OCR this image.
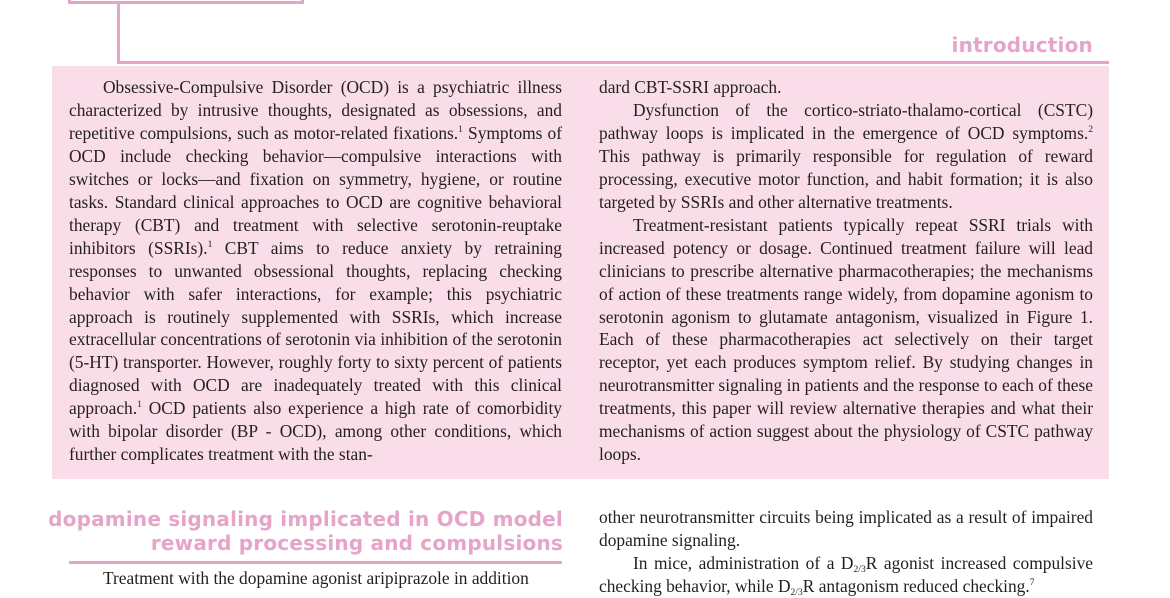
introduction

Obsessive-Compulsive Disorder (OCD) is a psychiatric illness characterized by intrusive thoughts, designated as obsessions, and repetitive compulsions, such as motor-related fixations.$^1$ Symptoms of OCD include checking behavior—compulsive interactions with switches or locks—and fixation on symmetry, hygiene, or routine tasks. Standard clinical approaches to OCD are cognitive behavioral therapy (CBT) and treatment with selective serotonin-reuptake inhibitors (SSRIs).$^1$ CBT aims to reduce anxiety by retraining responses to unwanted obsessional thoughts, replacing checking behavior with safer interactions, for example; this psychiatric approach is routinely supplemented with SSRIs, which increase extracellular concentrations of serotonin via inhibition of the serotonin (5-HT) transporter. However, roughly forty to sixty percent of patients diagnosed with OCD are inadequately treated with this clinical approach.$^1$ OCD patients also experience a high rate of comorbidity with bipolar disorder (BP - OCD), among other conditions, which further complicates treatment with the stan-

dard CBT-SSRI approach.

Dysfunction of the cortico-striato-thalamo-cortical (CSTC) pathway loops is implicated in the emergence of OCD symptoms.$^2$ This pathway is primarily responsible for regulation of reward processing, executive motor function, and habit formation; it is also targeted by SSRIs and other alternative treatments.

Treatment-resistant patients typically repeat SSRI trials with increased potency or dosage. Continued treatment failure will lead clinicians to prescribe alternative pharmacotherapies; the mechanisms of action of these treatments range widely, from dopamine agonism to serotonin agonism to glutamate antagonism, visualized in Figure 1. Each of these pharmacotherapies act selectively on their target receptor, yet each produces symptom relief. By studying changes in neurotransmitter signaling in patients and the response to each of these treatments, this paper will review alternative therapies and what their mechanisms of action suggest about the physiology of CSTC pathway loops.

dopamine signaling implicated in OCD model
reward processing and compulsions

Treatment with the dopamine agonist aripiprazole in addition

other neurotransmitter circuits being implicated as a result of impaired dopamine signaling.

In mice, administration of a $D_{2/3}R$ agonist increased compulsive checking behavior, while $D_{2/3}R$ antagonism reduced checking.$^7$
